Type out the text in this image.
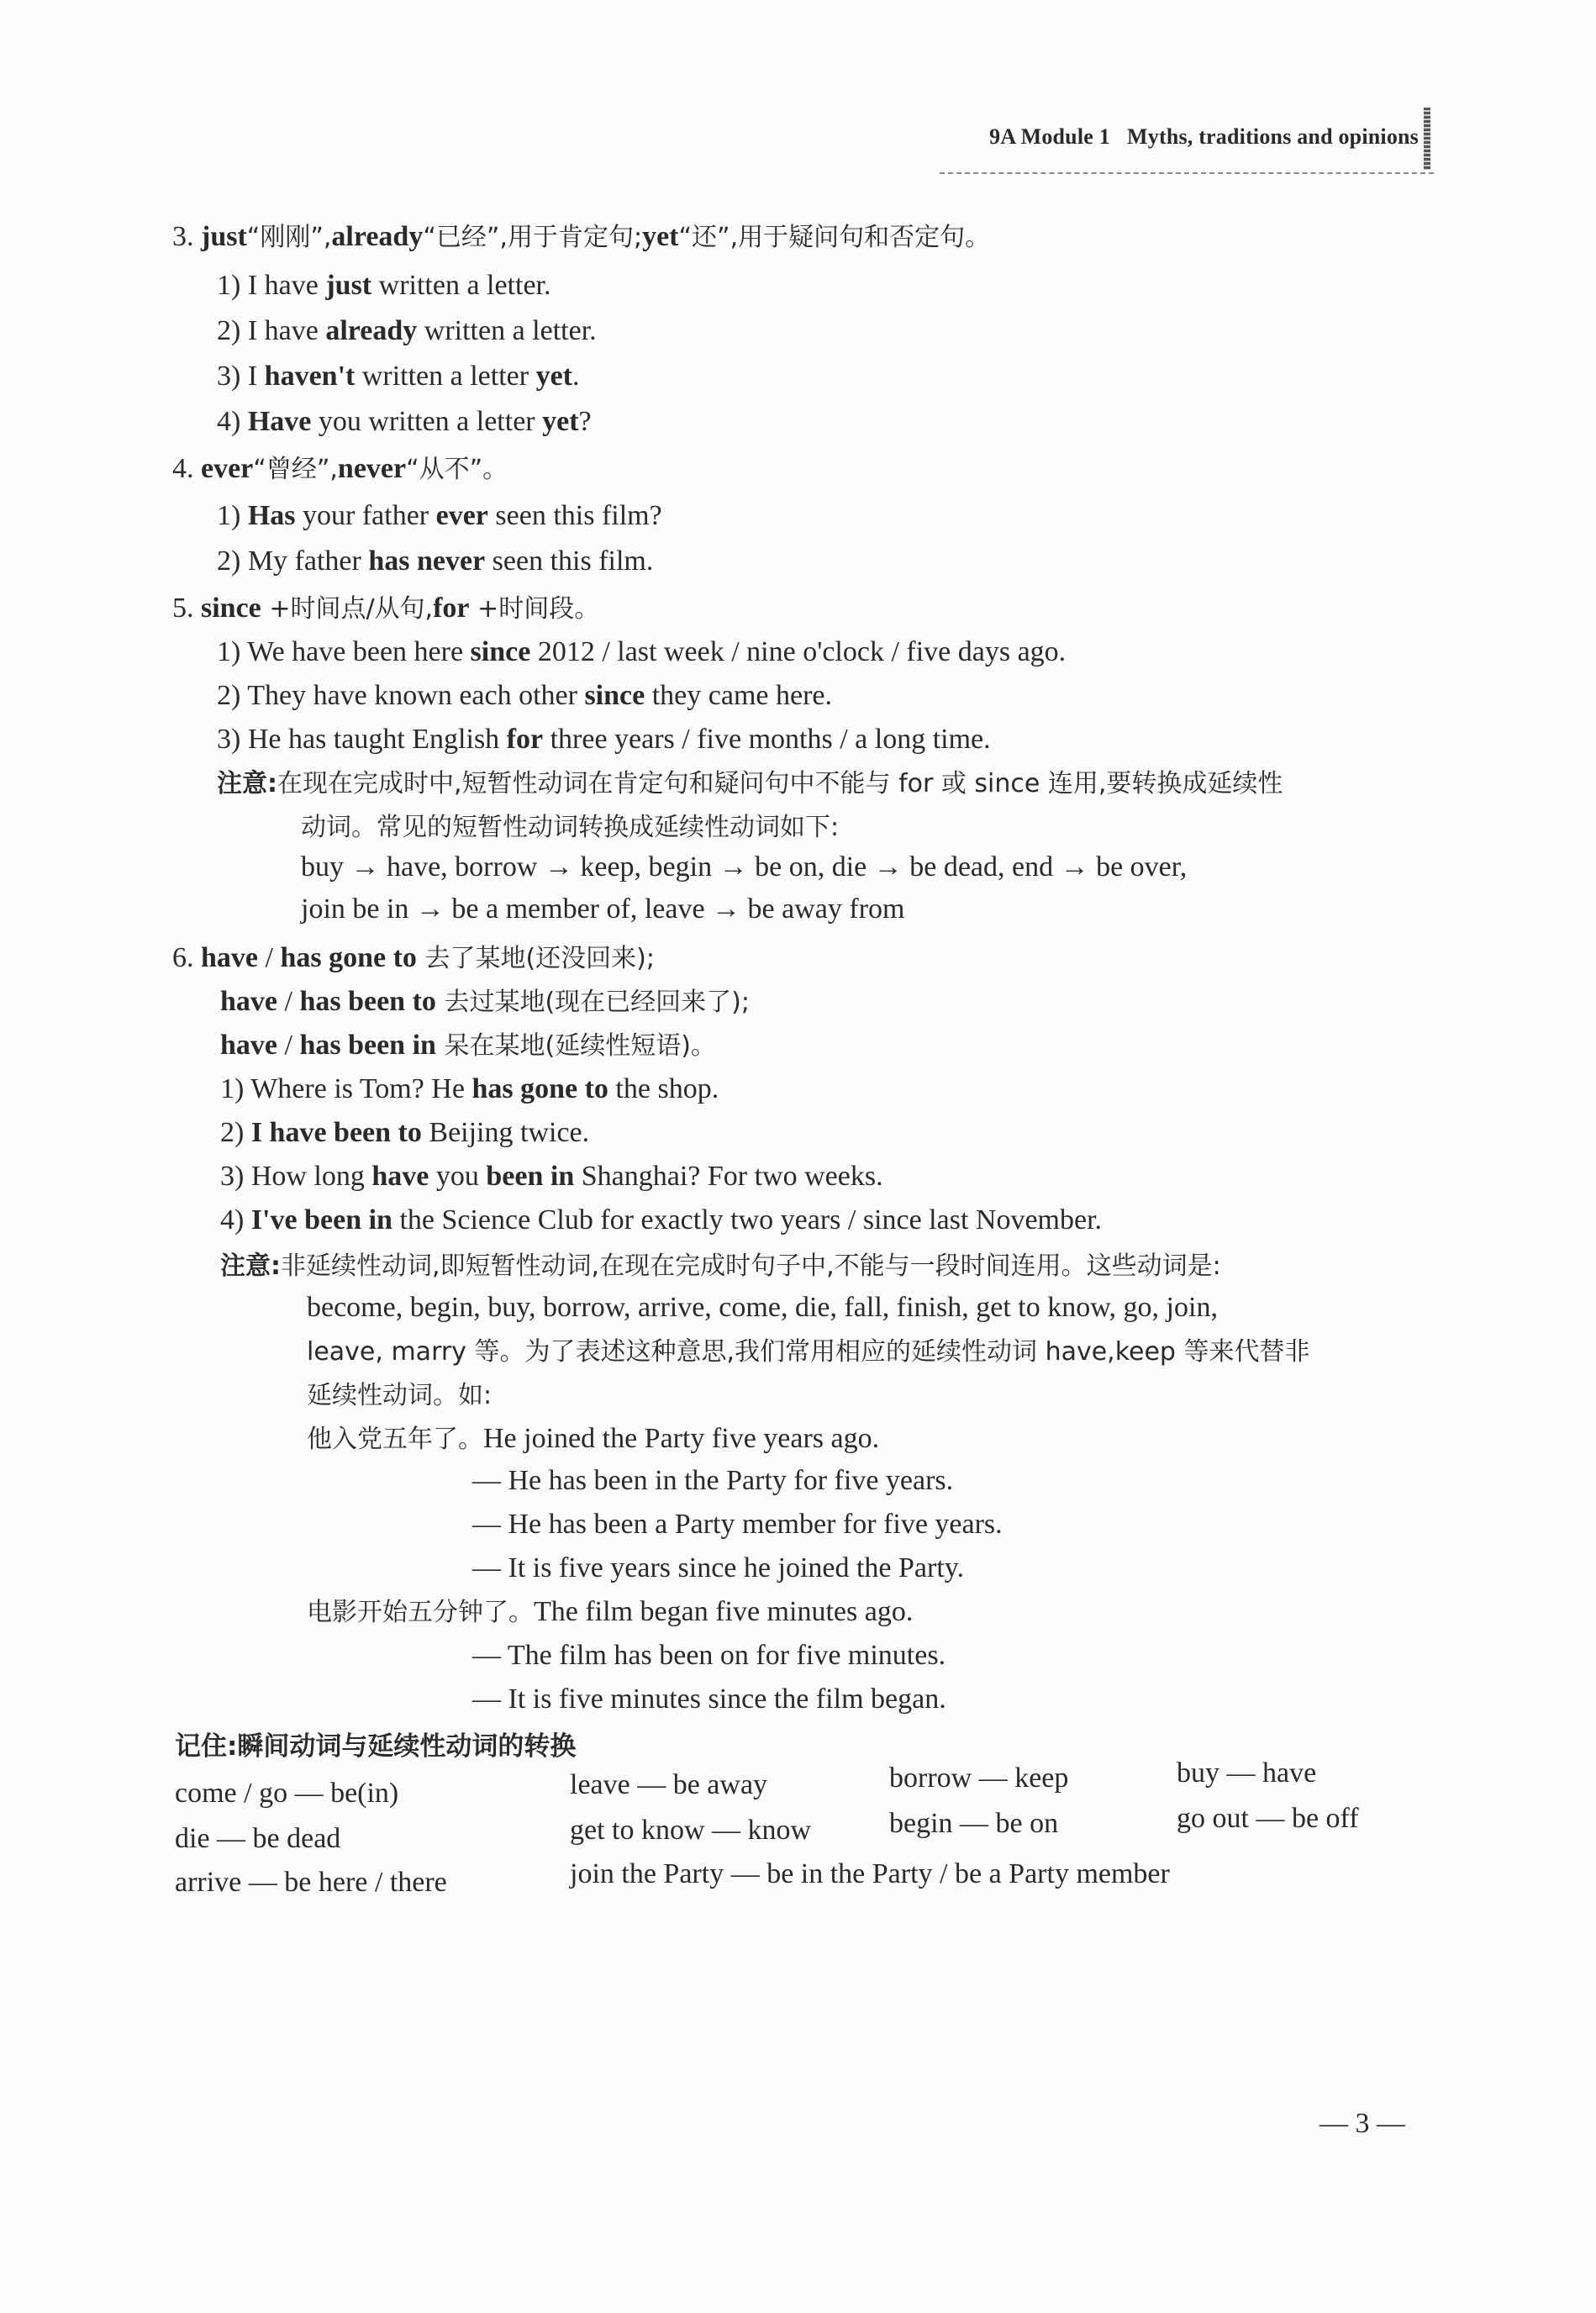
9A Module 1 Myths, traditions and opinions
3. just“刚刚”,already“已经”,用于肯定句;yet“还”,用于疑问句和否定句。
1) I have just written a letter.
2) I have already written a letter.
3) I haven't written a letter yet.
4) Have you written a letter yet?
4. ever“曾经”,never“从不”。
1) Has your father ever seen this film?
2) My father has never seen this film.
5. since +时间点/从句,for +时间段。
1) We have been here since 2012 / last week / nine o'clock / five days ago.
2) They have known each other since they came here.
3) He has taught English for three years / five months / a long time.
注意:在现在完成时中,短暂性动词在肯定句和疑问句中不能与 for 或 since 连用,要转换成延续性
动词。常见的短暂性动词转换成延续性动词如下:
buy → have, borrow → keep, begin → be on, die → be dead, end → be over,
join be in → be a member of, leave → be away from
6. have / has gone to 去了某地(还没回来);
have / has been to 去过某地(现在已经回来了);
have / has been in 呆在某地(延续性短语)。
1) Where is Tom? He has gone to the shop.
2) I have been to Beijing twice.
3) How long have you been in Shanghai? For two weeks.
4) I've been in the Science Club for exactly two years / since last November.
注意:非延续性动词,即短暂性动词,在现在完成时句子中,不能与一段时间连用。这些动词是:
become, begin, buy, borrow, arrive, come, die, fall, finish, get to know, go, join,
leave, marry 等。为了表述这种意思,我们常用相应的延续性动词 have,keep 等来代替非
延续性动词。如:
他入党五年了。He joined the Party five years ago.
— He has been in the Party for five years.
— He has been a Party member for five years.
— It is five years since he joined the Party.
电影开始五分钟了。The film began five minutes ago.
— The film has been on for five minutes.
— It is five minutes since the film began.
记住:瞬间动词与延续性动词的转换
come / go — be(in)	leave — be away	borrow — keep	buy — have
die — be dead	get to know — know	begin — be on	go out — be off
arrive — be here / there	join the Party — be in the Party / be a Party member
— 3 —
